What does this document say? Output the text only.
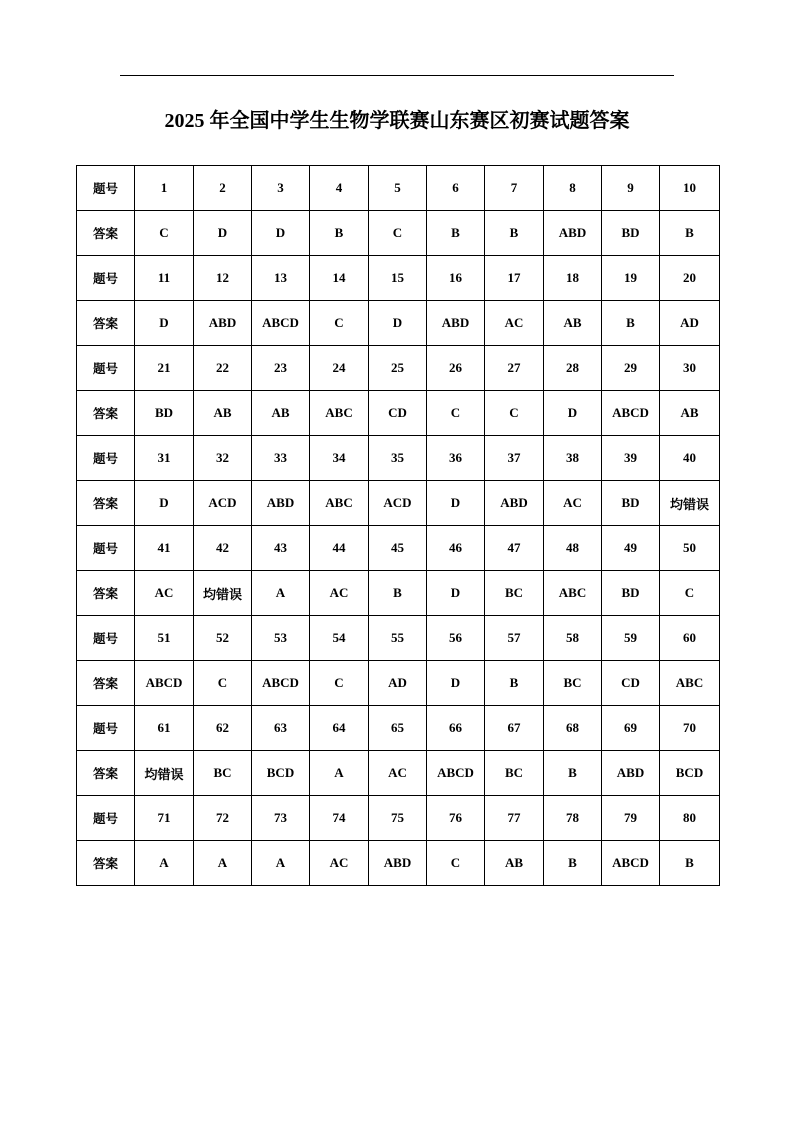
2025 年全国中学生生物学联赛山东赛区初赛试题答案
题号	1	2	3	4	5	6	7	8	9	10
答案	C	D	D	B	C	B	B	ABD	BD	B
题号	11	12	13	14	15	16	17	18	19	20
答案	D	ABD	ABCD	C	D	ABD	AC	AB	B	AD
题号	21	22	23	24	25	26	27	28	29	30
答案	BD	AB	AB	ABC	CD	C	C	D	ABCD	AB
题号	31	32	33	34	35	36	37	38	39	40
答案	D	ACD	ABD	ABC	ACD	D	ABD	AC	BD	均错误
题号	41	42	43	44	45	46	47	48	49	50
答案	AC	均错误	A	AC	B	D	BC	ABC	BD	C
题号	51	52	53	54	55	56	57	58	59	60
答案	ABCD	C	ABCD	C	AD	D	B	BC	CD	ABC
题号	61	62	63	64	65	66	67	68	69	70
答案	均错误	BC	BCD	A	AC	ABCD	BC	B	ABD	BCD
题号	71	72	73	74	75	76	77	78	79	80
答案	A	A	A	AC	ABD	C	AB	B	ABCD	B
